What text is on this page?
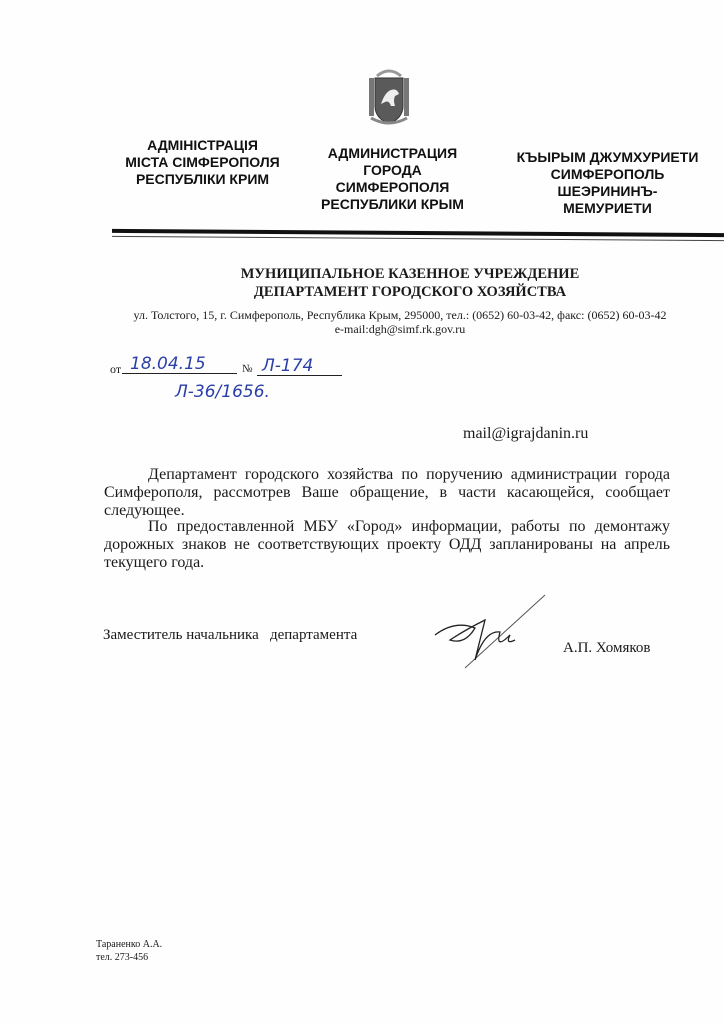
АДМІНІСТРАЦІЯ
МІСТА СІМФЕРОПОЛЯ
РЕСПУБЛІКИ КРИМ
АДМИНИСТРАЦИЯ
ГОРОДА СИМФЕРОПОЛЯ
РЕСПУБЛИКИ КРЫМ
КЪЫРЫМ ДЖУМХУРИЕТИ
СИМФЕРОПОЛЬ
ШЕЭРИНИНЪ-
МЕМУРИЕТИ
МУНИЦИПАЛЬНОЕ КАЗЕННОЕ УЧРЕЖДЕНИЕ
ДЕПАРТАМЕНТ ГОРОДСКОГО ХОЗЯЙСТВА
ул. Толстого, 15, г. Симферополь, Республика Крым, 295000, тел.: (0652) 60-03-42, факс: (0652) 60-03-42
e-mail:dgh@simf.rk.gov.ru
от 18.04.15	№ Л-174
Л-36/1656.
mail@igrajdanin.ru
Департамент городского хозяйства по поручению администрации города Симферополя, рассмотрев Ваше обращение, в части касающейся, сообщает следующее.
По предоставленной МБУ «Город» информации, работы по демонтажу дорожных знаков не соответствующих проекту ОДД запланированы на апрель текущего года.
Заместитель начальника   департамента
А.П. Хомяков
Тараненко А.А.
тел. 273-456
